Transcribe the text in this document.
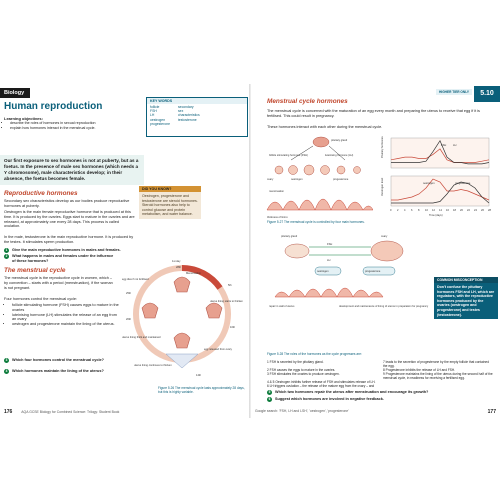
Biology
Human reproduction
Learning objectives:
• describe the roles of hormones in sexual reproduction
• explain how hormones interact in the menstrual cycle.
KEY WORDS
follicle
FSH
LH
oestrogen
progesterone
secondary
sex
characteristics
testosterone
Our first exposure to sex hormones is not at puberty, but as a foetus. In the presence of male sex hormones (which needs a Y chromosome), male characteristics develop; in their absence, the foetus becomes female.
Reproductive hormones
Secondary sex characteristics develop as our bodies produce reproductive hormones at puberty.
Oestrogen is the main female reproductive hormone that is produced at this time. It is produced by the ovaries. Eggs start to mature in the ovaries and are released, at approximately one every 28 days. This process is called ovulation.
In the male, testosterone is the main reproductive hormone. It is produced by the testes. It stimulates sperm production.
1	Give the main reproductive hormones in males and females.
2	What happens in males and females under the influence of these hormones?
DID YOU KNOW?
Oestrogen, progesterone and testosterone are steroid hormones. Steroid hormones also help to control glucose and protein metabolism, and water balance.
The menstrual cycle
The menstrual cycle is the reproductive cycle in women, which – by convention – starts with a period (menstruation), if the woman is not pregnant.
Four hormones control the menstrual cycle:
• follicle stimulating hormone (FSH) causes eggs to mature in the ovaries
• luteinising hormone (LH) stimulates the release of an egg from an ovary
• oestrogen and progesterone maintain the lining of the uterus.
3	Which four hormones control the menstrual cycle?
4	Which hormones maintain the lining of the uterus?
1st day
Menstruation
egg dies if not fertilised
uterus lining starts to thicken
egg released from ovary
uterus lining thick and maintained
uterus lining continues to thicken
28th
5th
14th
25th
20th
10th
Figure 5.26 The menstrual cycle lasts approximately 28 days, but this is highly variable.
176	AQA GCSE Biology for Combined Science: Trilogy: Student Book
HIGHER TIER ONLY	5.10
Menstrual cycle hormones
The menstrual cycle is concerned with the maturation of an egg every month and preparing the uterus to receive that egg if it is fertilised. This could result in pregnancy.
These hormones interact with each other during the menstrual cycle.
pituitary gland
follicle stimulating hormone (FSH)	luteinising hormone (LH)
ovary	oestrogen	progesterone
menstruation
thickness of lining
Pituitary hormones
Oestrogen level
0 2 4 6 8 10 12 14 16 18 20 22 24 26 28
Time (days)
FSH	LH
oestrogen	progesterone
Figure 5.27 The menstrual cycle is controlled by four main hormones.
pituitary gland	ovary
FSH
LH
oestrogen	progesterone
repair in wall of uterus	development and maintenance of lining of uterus in preparation for pregnancy
COMMON MISCONCEPTION
Don't confuse the pituitary hormones FSH and LH, which are regulators, with the reproductive hormones produced by the ovaries (oestrogen and progesterone) and testes (testosterone).
Figure 5.28 The roles of the hormones as the cycle progresses are:
1 FSH is secreted by the pituitary gland.	7 leads to the secretion of progesterone by the empty follicle that contained the egg.
2 FSH causes the eggs to mature in the ovaries.	8 Progesterone inhibits the release of LH and FSH.
3 FSH stimulates the ovaries to produce oestrogen.	9 Progesterone maintains the lining of the uterus during the second half of the menstrual cycle, in readiness for receiving a fertilised egg.
4 & 5 Oestrogen inhibits further release of FSH and stimulates release of LH.
6 LH triggers ovulation – the release of the mature egg from the ovary – and
5	Which two hormones repair the uterus after menstruation and encourage its growth?
6	Suggest which hormones are involved in negative feedback.
Google search: 'FSH, LH and LSH', 'oestrogen', 'progesterone'	177
